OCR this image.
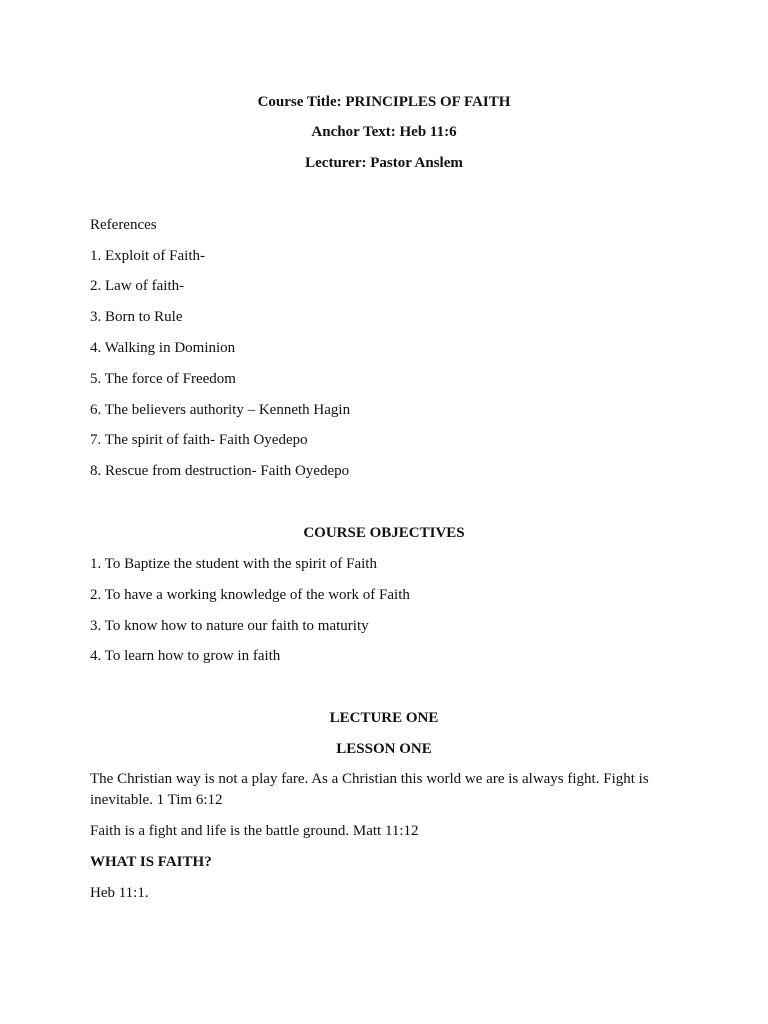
Course Title: PRINCIPLES OF FAITH
Anchor Text: Heb 11:6
Lecturer: Pastor Anslem
References
1. Exploit of Faith-
2. Law of faith-
3. Born to Rule
4. Walking in Dominion
5. The force of Freedom
6. The believers authority – Kenneth Hagin
7. The spirit of faith- Faith Oyedepo
8. Rescue from destruction- Faith Oyedepo
COURSE OBJECTIVES
1. To Baptize the student with the spirit of Faith
2. To have a working knowledge of the work of Faith
3. To know how to nature our faith to maturity
4. To learn how to grow in faith
LECTURE ONE
LESSON ONE
The Christian way is not a play fare. As a Christian this world we are is always fight. Fight is inevitable. 1 Tim 6:12
Faith is a fight and life is the battle ground. Matt 11:12
WHAT IS FAITH?
Heb 11:1.
